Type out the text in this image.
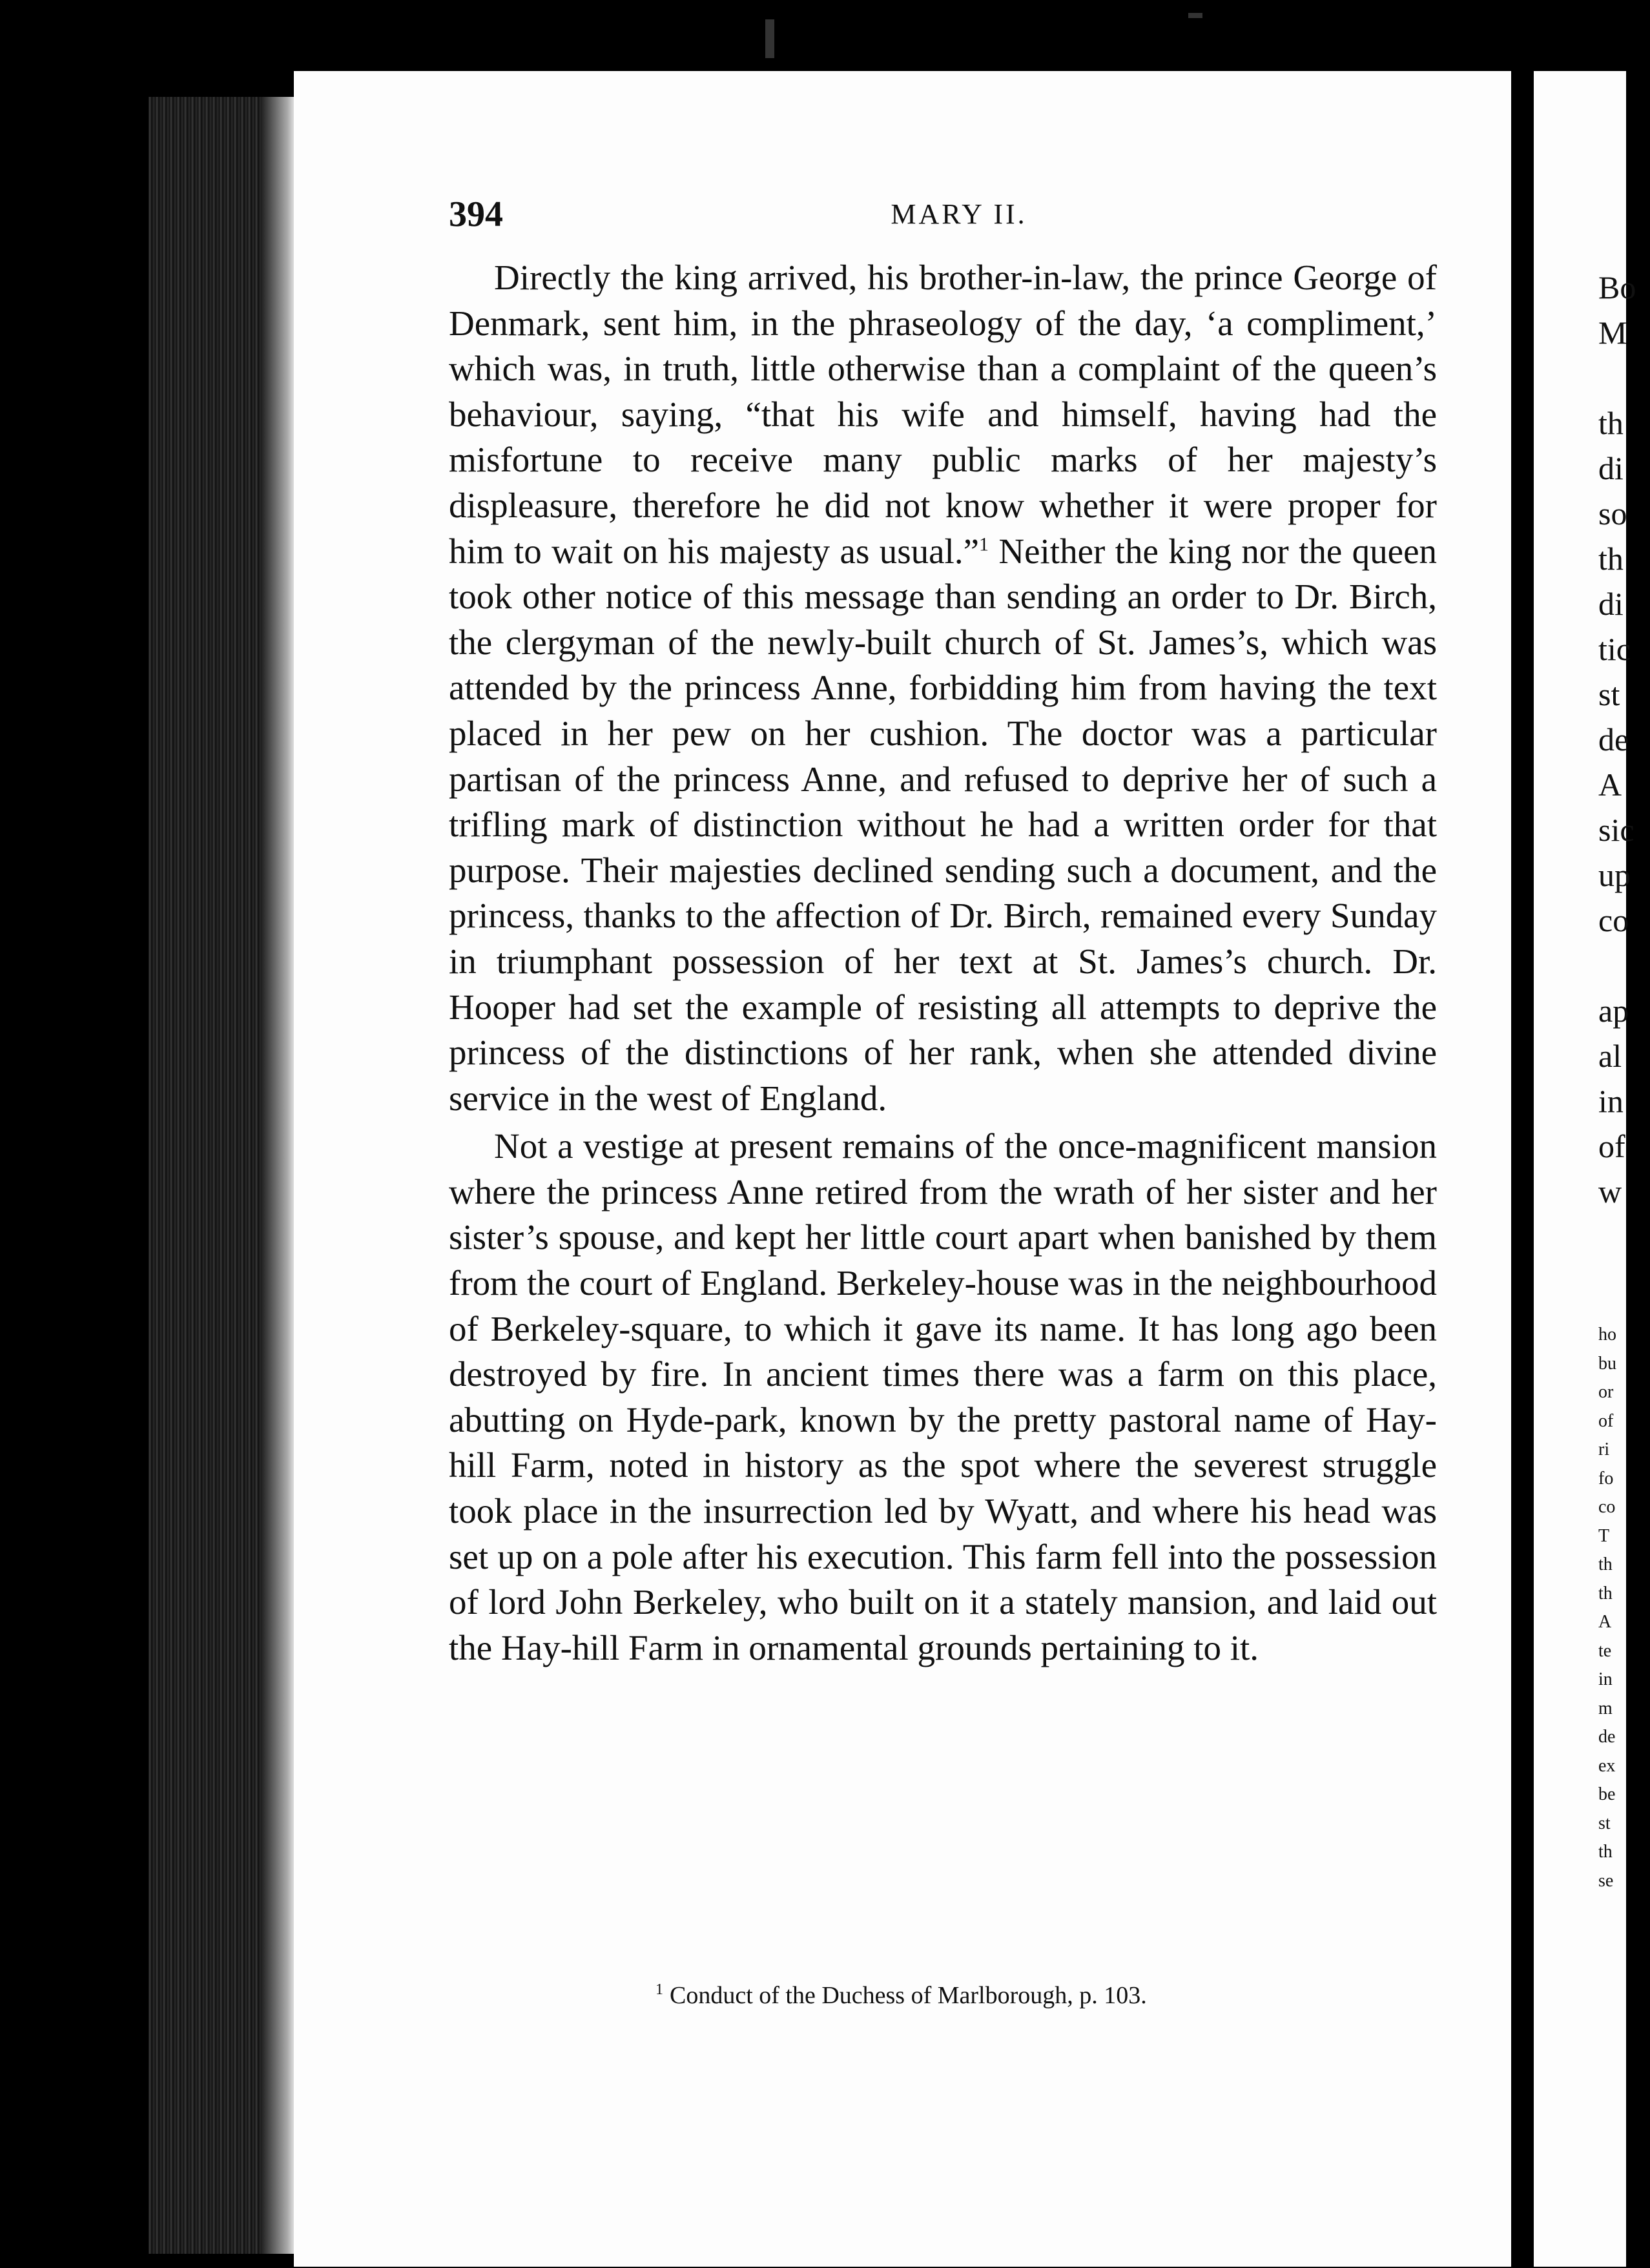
394	MARY II.

Directly the king arrived, his brother-in-law, the prince George of Denmark, sent him, in the phraseology of the day, ‘a compliment,’ which was, in truth, little otherwise than a complaint of the queen’s behaviour, saying, “that his wife and himself, having had the misfortune to receive many public marks of her majesty’s displeasure, therefore he did not know whether it were proper for him to wait on his majesty as usual.”$^1$ Neither the king nor the queen took other notice of this message than sending an order to Dr. Birch, the clergyman of the newly-built church of St. James’s, which was attended by the princess Anne, forbidding him from having the text placed in her pew on her cushion. The doctor was a particular partisan of the princess Anne, and refused to deprive her of such a trifling mark of distinction without he had a written order for that purpose. Their majesties declined sending such a document, and the princess, thanks to the affection of Dr. Birch, remained every Sunday in triumphant possession of her text at St. James’s church. Dr. Hooper had set the example of resisting all attempts to deprive the princess of the distinctions of her rank, when she attended divine service in the west of England.

Not a vestige at present remains of the once-magnificent mansion where the princess Anne retired from the wrath of her sister and her sister’s spouse, and kept her little court apart when banished by them from the court of England. Berkeley-house was in the neighbourhood of Berkeley-square, to which it gave its name. It has long ago been destroyed by fire. In ancient times there was a farm on this place, abutting on Hyde-park, known by the pretty pastoral name of Hay-hill Farm, noted in history as the spot where the severest struggle took place in the insurrection led by Wyatt, and where his head was set up on a pole after his execution. This farm fell into the possession of lord John Berkeley, who built on it a stately mansion, and laid out the Hay-hill Farm in ornamental grounds pertaining to it.

$^1$ Conduct of the Duchess of Marlborough, p. 103.
Bo
M
th
di
so
th
di
tic
st
de
A
sic
up
co
ap
al
in
of
w
ho
bu
or
of
ri
fo
co
T
th
th
A
te
in
m
de
ex
be
st
th
se
